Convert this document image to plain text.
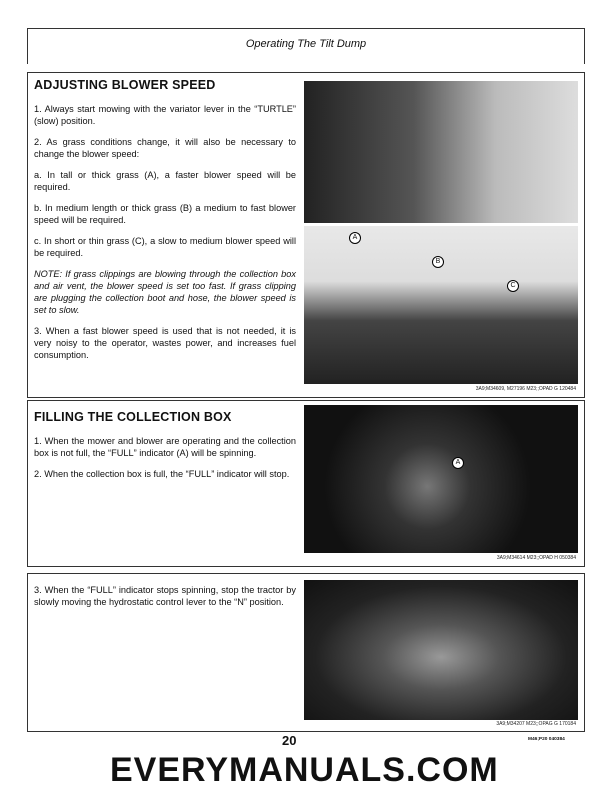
Operating The Tilt Dump
ADJUSTING BLOWER SPEED

1. Always start mowing with the variator lever in the “TURTLE” (slow) position.

2. As grass conditions change, it will also be necessary to change the blower speed:

a. In tall or thick grass (A), a faster blower speed will be required.

b. In medium length or thick grass (B) a medium to fast blower speed will be required.

c. In short or thin grass (C), a slow to medium blower speed will be required.

NOTE: If grass clippings are blowing through the collection box and air vent, the blower speed is set too fast. If grass clipping are plugging the collection boot and hose, the blower speed is set to slow.

3. When a fast blower speed is used that is not needed, it is very noisy to the operator, wastes power, and increases fuel consumption.

A
B
C
3A9;M34609, M27196 M23;;OPAD G 120484
FILLING THE COLLECTION BOX

1. When the mower and blower are operating and the collection box is not full, the “FULL” indicator (A) will be spinning.

2. When the collection box is full, the “FULL” indicator will stop.

A
3A9;M34614 M23;;OPAD H 050384

3. When the “FULL” indicator stops spinning, stop the tractor by slowly moving the hydrostatic control lever to the “N” position.

3A9;M34207 M23;;OPAG G 170184
20	M46;P20 040384
EVERYMANUALS.COM
